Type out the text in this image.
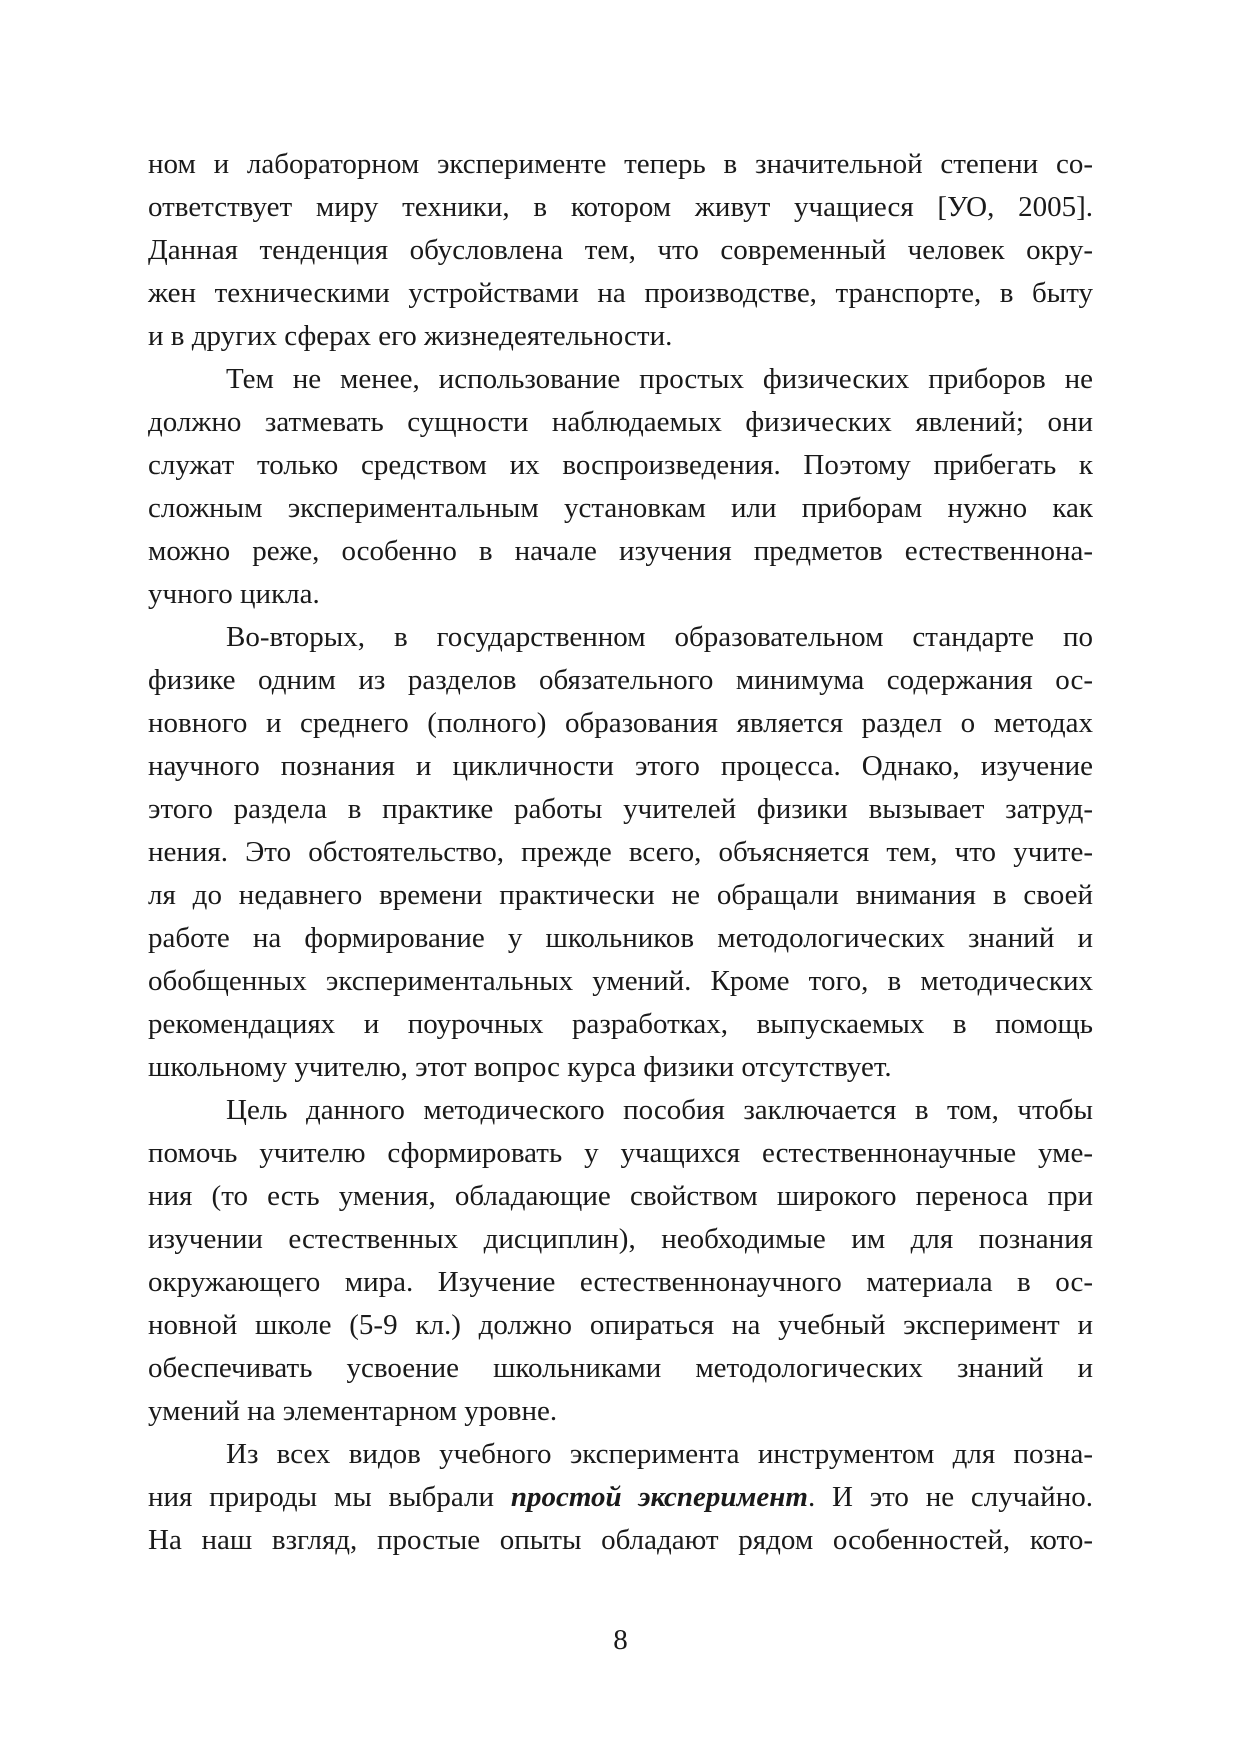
ном и лабораторном эксперименте теперь в значительной степени со-
ответствует миру техники, в котором живут учащиеся [УО, 2005].
Данная тенденция обусловлена тем, что современный человек окру-
жен техническими устройствами на производстве, транспорте, в быту
и в других сферах его жизнедеятельности.
Тем не менее, использование простых физических приборов не
должно затмевать сущности наблюдаемых физических явлений; они
служат только средством их воспроизведения. Поэтому прибегать к
сложным экспериментальным установкам или приборам нужно как
можно реже, особенно в начале изучения предметов естественнона-
учного цикла.
Во-вторых, в государственном образовательном стандарте по
физике одним из разделов обязательного минимума содержания ос-
новного и среднего (полного) образования является раздел о методах
научного познания и цикличности этого процесса. Однако, изучение
этого раздела в практике работы учителей физики вызывает затруд-
нения. Это обстоятельство, прежде всего, объясняется тем, что учите-
ля до недавнего времени практически не обращали внимания в своей
работе на формирование у школьников методологических знаний и
обобщенных экспериментальных умений. Кроме того, в методических
рекомендациях и поурочных разработках, выпускаемых в помощь
школьному учителю, этот вопрос курса физики отсутствует.
Цель данного методического пособия заключается в том, чтобы
помочь учителю сформировать у учащихся естественнонаучные уме-
ния (то есть умения, обладающие свойством широкого переноса при
изучении естественных дисциплин), необходимые им для познания
окружающего мира. Изучение естественнонаучного материала в ос-
новной школе (5-9 кл.) должно опираться на учебный эксперимент и
обеспечивать усвоение школьниками методологических знаний и
умений на элементарном уровне.
Из всех видов учебного эксперимента инструментом для позна-
ния природы мы выбрали простой эксперимент. И это не случайно.
На наш взгляд, простые опыты обладают рядом особенностей, кото-
8
